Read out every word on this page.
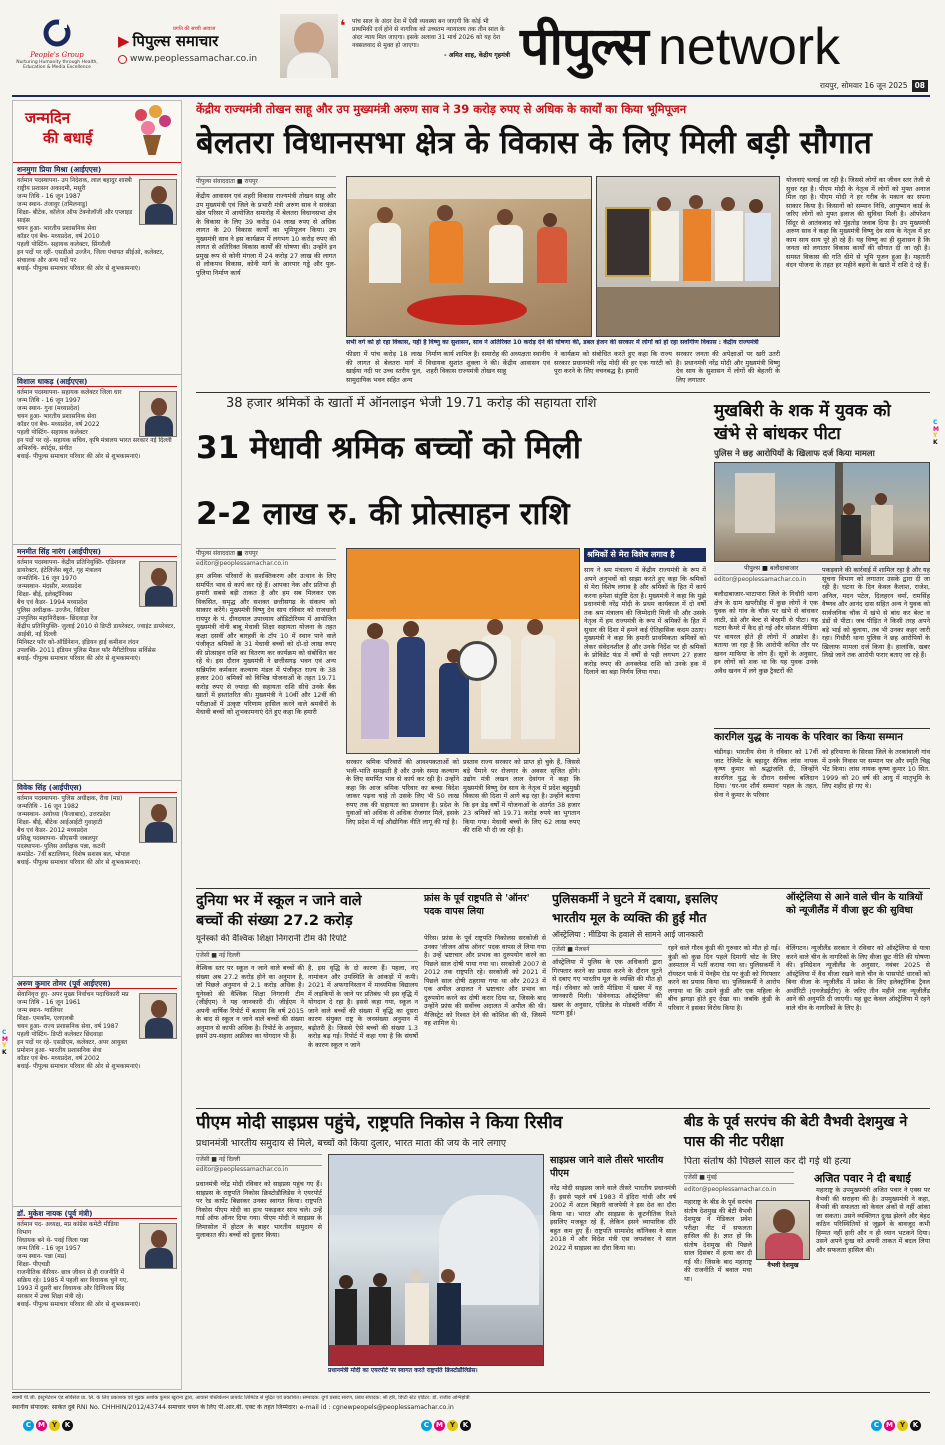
People's Group
Nurturing Humanity through Health, Education & Media Excellence
प्रगति की सच्ची आवाज
▶ पिपुल्स समाचार
www.peoplessamachar.co.in
❛	पांच साल के अंदर देश में ऐसी व्यवस्था बन जाएगी कि कोई भी प्राथमिकी दर्ज होने से नागरिक को उच्चतम न्यायालय तक तीन साल के अंदर न्याय मिल जाएगा। इसके अलावा 31 मार्च 2026 को यह देश नक्सलवाद से मुक्त हो जाएगा।
- अमित शाह, केंद्रीय गृहमंत्री पीपुल्स network
रायपुर, सोमवार 16 जून 2025 08
जन्मदिन
की बधाई
शनमुगा प्रिया मिश्रा (आईएएस)
वर्तमान पदस्थापना- उप निदेशक, लाल बहादुर शास्त्री राष्ट्रीय प्रशासन अकादमी, मसूरी
जन्म तिथि - 16 जून 1987
जन्म स्थान- तंजावुर (तमिलनाडु)
शिक्षा- बीटेक, कॉलेज ऑफ टेक्नोलॉजी और एप्लाइड साइंस
चयन हुआ- भारतीय प्रशासनिक सेवा
कॉडर एवं बैच- मध्यप्रदेश, वर्ष 2010
पहली पोस्टिंग- सहायक कलेक्टर, सिंगरौली
इन पदों पर रहीं- एसडीओ उज्जैन, जिला पंचायत सीईओ, कलेक्टर, संचालक और अन्य पदों पर
बधाई- पीपुल्स समाचार परिवार की ओर से शुभकामनाएं।
विशाल धाकड़ (आईएएस)
वर्तमान पदस्थापना- सहायक कलेक्टर जिला धार
जन्म तिथि - 16 जून 1997
जन्म स्थान- गुना (मध्यप्रदेश)
चयन हुआ- भारतीय प्रशासनिक सेवा
कॉडर एवं बैच- मध्यप्रदेश, वर्ष 2022
पहली पोस्टिंग- सहायक कलेक्टर
इन पदों पर रहे- सहायक सचिव, कृषि मंत्रालय भारत सरकार नई दिल्ली
अभिरुचि- स्पोर्ट्स, संगीत
बधाई- पीपुल्स समाचार परिवार की ओर से शुभकामनाएं।
मनमीत सिंह नारंग (आईपीएस)
वर्तमान पदस्थापना- केंद्रीय प्रतिनियुक्ति- एडिशनल डायरेक्टर, इंटेलिजेंस ब्यूरो, गृह मंत्रालय
जन्मतिथि- 16 जून 1970
जन्मस्थान- मंदसौर, मध्यप्रदेश
शिक्षा- बीई, इलेक्ट्रॉनिक्स
बैच एवं कैडर- 1994 मध्यप्रदेश
पुलिस अधीक्षक- उज्जैन, विदिशा
उपपुलिस महानिरीक्षक- छिंदवाड़ा रेंज
केंद्रीय प्रतिनियुक्ति- जुलाई 2010 से डिप्टी डायरेक्टर, ज्वाइंट डायरेक्टर, आईबी, नई दिल्ली
मिनिस्टर फॉर को-ऑर्डिनेशन, इंडियन हाई कमीशन लंदन
उपलब्धि- 2011 इंडियन पुलिस मैडल फॉर मैरीटोरियस सर्विसेस
बधाई- पीपुल्स समाचार परिवार की ओर से शुभकामनाएं।
विवेक सिंह (आईपीएस)
वर्तमान पदस्थापना- पुलिस अधीक्षक, रीवा (मप्र)
जन्मतिथि - 16 जून 1982
जन्मस्थान- अयोध्या (फैजाबाद), उत्तरप्रदेश
शिक्षा- बीई, बीटेक आईआईटी गुवाहाटी
बैच एवं कैडर- 2012 मध्यप्रदेश
प्रशिक्षु पदस्थापना- सीएसपी जबलपुर
पदस्थापना- पुलिस अधीक्षक पन्ना, कटनी
कमांडेंट- 7वीं बटालियन, विशेष सशस्त्र बल, भोपाल
बधाई- पीपुल्स समाचार परिवार की ओर से शुभकामनाएं।
अरुण कुमार तोमर (पूर्व आईएएस)
सेवानिवृत्त हुए- अपर मुख्य निर्वाचन पदाधिकारी मप्र
जन्म तिथि - 16 जून 1961
जन्म स्थान- ग्वालियर
शिक्षा- एमकॉम, एलएलबी
चयन हुआ- राज्य प्रशासनिक सेवा, वर्ष 1987
पहली पोस्टिंग- डिप्टी कलेक्टर छिंदवाड़ा
इन पदों पर रहे- एसडीएम, कलेक्टर, अपर आयुक्त
प्रमोशन हुआ- भारतीय प्रशासनिक सेवा
कॉडर एवं बैच- मध्यप्रदेश, वर्ष 2002
बधाई- पीपुल्स समाचार परिवार की ओर से शुभकामनाएं।
डॉ. मुकेश नायक (पूर्व मंत्री)
वर्तमान पद- अध्यक्ष, मप्र कांग्रेस कमेटी मीडिया विभाग
विधायक बने थे- पवई जिला पन्ना
जन्म तिथि - 16 जून 1957
जन्म स्थान- पन्ना (मप्र)
शिक्षा- पीएचडी
राजनीतिक कॅरियर- छात्र जीवन से ही राजनीति में सक्रिय रहे। 1985 में पहली बार विधायक चुने गए, 1993 में दूसरी बार विधायक और दिग्विजय सिंह सरकार में उच्च शिक्षा मंत्री रहे।
बधाई- पीपुल्स समाचार परिवार की ओर से शुभकामनाएं।
केंद्रीय राज्यमंत्री तोखन साहू और उप मुख्यमंत्री अरुण साव ने 39 करोड़ रुपए से अधिक के कार्यों का किया भूमिपूजन
बेलतरा विधानसभा क्षेत्र के विकास के लिए मिली बड़ी सौगात
पीपुल्स संवाददाता ■ रायपुर
केंद्रीय आवासन एवं शहरी विकास राज्यमंत्री तोखन साहू और उप मुख्यमंत्री एवं जिले के प्रभारी मंत्री अरुण साव ने सरकंडा खेल परिसर में आयोजित समारोह में बेलतरा विधानसभा क्षेत्र के विकास के लिए 39 करोड़ 04 लाख रुपए से अधिक लागत के 20 विकास कार्यों का भूमिपूजन किया। उप मुख्यमंत्री साव ने इस कार्यक्रम में लगभग 10 करोड़ रुपए की लागत से अतिरिक्त विकास कार्यों की घोषणा की। उन्होंने इन प्रमुख रूप से कोनी मंगला में 24 करोड़ 27 लाख की लागत से लोकपथ विकास, कोनी मार्ग के आरपार गड्ढे और पुल-पुलिया निर्माण कार्य
सभी वर्ग को हो रहा विकास, यही है विष्णु का सुशासन, साव ने अतिरिक्त 10 करोड़ देने की घोषणा की, डबल इंजन की सरकार में लोगों को हो रहा सर्वांगीण विकास : केंद्रीय राज्यमंत्री
फीडरा में पांच करोड़ 18 लाख की लागत से बेलतरा मार्ग में खाईया नदी पर उच्च स्तरीय पुल, सामुदायिक भवन सहित अन्य
निर्माण कार्य शामिल है। समारोह की अध्यक्षता स्थानीय विधायक सुशांत शुक्ला ने की। केंद्रीय आवासन एवं शहरी विकास राज्यमंत्री तोखन साहू
ने कार्यक्रम को संबोधित करते हुए कहा कि राज्य सरकार प्रधानमंत्री नरेंद्र मोदी की हर एक गारंटी को पूरा करने के लिए वचनबद्ध है। हमारी
सरकार जनता की अपेक्षाओं पर खरी उतरी है। प्रधानमंत्री नरेंद्र मोदी और मुख्यमंत्री विष्णु देव साय के सुशासन में लोगों की बेहतरी के लिए लगातार
योजनाएं चलाई जा रही है। जिससे लोगों का जीवन स्तर तेजी से सुधर रहा है। पीएम मोदी के नेतृत्व में लोगों को मुफ्त अनाज मिल रहा है। पीएम मोदी ने हर गरीब के मकान का सपना साकार किया है। किसानों को सम्मान निधि, आयुष्मान कार्ड के जरिए लोगों को मुफ्त इलाज की सुविधा मिली है। ऑपरेशन सिंदूर से आतंकवाद को मुंहतोड़ जवाब दिया है। उप मुख्यमंत्री अरुण साव ने कहा कि मुख्यमंत्री विष्णु देव साय के नेतृत्व में हर काम साय साय पूरे हो रहे हैं। यह विष्णु का ही सुशासन है कि जनता को लगातार विकास कार्यों की सौगात दी जा रही है। समस्त विकास की गति धीमे से भूमि पूजन हुआ है। महतारी वंदन योजना के तहत हर महीने बहनों के खाते में राशि दे रहे हैं।
38 हजार श्रमिकों के खातों में ऑनलाइन भेजी 19.71 करोड़ की सहायता राशि
31 मेधावी श्रमिक बच्चों को मिली
2-2 लाख रु. की प्रोत्साहन राशि
पीपुल्स संवाददाता ■ रायपुर
editor@peoplessamachar.co.in
हम अमिक परिवारों के सशक्तिकरण और उत्थान के लिए समर्पित भाव से कार्य कर रहे हैं। आपका नेक और प्रतिभा ही हमारी सबसे बड़ी ताकत है और हम सब मिलकर एक विकसित, समृद्ध और सशक्त छत्तीसगढ़ के संकल्प को साकार करेंगे। मुख्यमंत्री विष्णु देव साय रविवार को राजधानी रायपुर के पं. दीनदयाल उपाध्याय ऑडिटोरियम में आयोजित मुख्यमंत्री नोनी बाबू मेधावी शिक्षा सहायता योजना के तहत कक्षा दसवीं और बारहवीं के टॉप 10 में स्थान पाने वाले पंजीकृत श्रमिकों के 31 मेधावी बच्चों को दो-दो लाख रुपए की प्रोत्साहन राशि का वितरण कर कार्यक्रम को संबोधित कर रहे थे। इस दौरान मुख्यमंत्री ने छत्तीसगढ़ भवन एवं अन्य सन्निर्माण कर्मकार कल्याण मंडल में पंजीकृत राज्य के 38 हजार 200 श्रमिकों को विभिन्न योजनाओं के तहत 19.71 करोड़ रुपए से ज्यादा की सहायता राशि सीधे उनके बैंक खातों में हस्तांतरित की। मुख्यमंत्री ने 10वीं और 12वीं की परीक्षाओं में उत्कृष्ट परिणाम हासिल करने वाले श्रमवीरों के मेधावी बच्चों को शुभकामनाएं देते हुए कहा कि हमारी
सरकार श्रमिक परिवारों की आवश्यकताओं को भली-भांति समझती है और उनके समग्र कल्याण के लिए समर्पित भाव से कार्य कर रही है। उन्होंने कहा कि आज श्रमिक परिवार का बच्चा विदेश जाकर पढ़ना चाहे तो उसके लिए भी 50 लाख रुपए तक की सहायता का प्रावधान है। प्रदेश के युवाओं को अधिक से अधिक रोजगार मिले, इसके लिए प्रदेश में नई औद्योगिक नीति लागू की गई है।
प्रस्ताव राज्य सरकार को प्राप्त हो चुके हैं, जिससे बड़े पैमाने पर रोजगार के अवसर सृजित होंगे। उद्योग मंत्री लखन लाल देवांगन ने कहा कि मुख्यमंत्री विष्णु देव साय के नेतृत्व में प्रदेश बहुमुखी विकास की दिशा में आगे बढ़ रहा है। उन्होंने बताया कि इन डेढ़ वर्षों में योजनाओं के अंतर्गत 38 हजार 23 श्रमिकों को 19.71 करोड़ रुपये का भुगतान किया गया। मेधावी बच्चों के लिए 62 लाख रुपए की राशि भी दी जा रही है।
श्रमिकों से मेरा विशेष लगाव है
साय ने श्रम मंत्रालय में केंद्रीय राज्यमंत्री के रूप में अपने अनुभवों को साझा करते हुए कहा कि श्रमिकों से मेरा विशेष लगाव है और श्रमिकों के हित में कार्य करना हमेशा संतुष्टि देता है। मुख्यमंत्री ने कहा कि मुझे प्रधानमंत्री नरेंद्र मोदी के प्रथम कार्यकाल में दो वर्षों तक श्रम मंत्रालय की जिम्मेदारी मिली थी और उसके नेतृत्व में हम राज्यमंत्री के रूप में श्रमिकों के हित में सुधार की दिशा में हमने कई ऐतिहासिक कदम उठाए। मुख्यमंत्री ने कहा कि हमारी प्राथमिकता श्रमिकों को लेकर संवेदनशील है और उनके निर्देश पर ही श्रमिकों के प्रोविडेंट फंड में वर्षों से पड़ी लगभग 27 हजार करोड़ रुपए की अनक्लेम्ड राशि को उनके हक में दिलाने का बड़ा निर्णय लिया गया।
मुखबिरी के शक में युवक को खंभे से बांधकर पीटा
पुलिस ने छह आरोपियों के खिलाफ दर्ज किया मामला
पीपुल्स ■ बलौदाबाजार
editor@peoplessamachar.co.in
बलौदाबाजार-भाटापारा जिले के गिधौरी थाना क्षेत्र के ग्राम खपरीडीह में कुछ लोगों ने एक युवक को गांव के चौक पर खंभे से बांधकर लाठी, डंडे और बेल्ट से बेरहमी से पीटा। यह घटना कैमरे में कैद हो गई और सोशल मीडिया पर वायरल होते ही लोगों में आक्रोश है। बताया जा रहा है कि आरोपी कथित तौर पर खनन माफिया के लोग हैं। सूत्रों के अनुसार, इन लोगों को शक था कि यह युवक उनके अवैध खनन में लगे कुछ ट्रैक्टरों की
पकड़वाने की कार्रवाई में शामिल रहा है और यह सूचना विभाग को लगातार उसके द्वारा दी जा रही है। घटना के दिन केवल कैलाश, राजेश, अनिल, मदन पटेल, दिलहरन वर्मा, रामसिंह वैष्णव और आनंद दास सहित अन्य ने युवक को सार्वजनिक चौक में खंभे से बांध कर बेल्ट व डंडों से पीटा। जब पीड़ित ने किसी तरह अपने बड़े भाई को बुलाया, तब भी उनका कहर जारी रहा। गिधौरी थाना पुलिस ने छह आरोपियों के खिलाफ मामला दर्ज किया है। हालांकि, खबर लिखे जाने तक आरोपी फरार बताए जा रहे हैं।
कारगिल युद्ध के नायक के परिवार का किया सम्मान
चंडीगढ़। भारतीय सेना ने रविवार को 17वीं जाट रेजिमेंट के बहादुर सैनिक लांस नायक कृष्ण कुमार को श्रद्धांजलि दी, जिन्होंने कारगिल युद्ध के दौरान सर्वोच्च बलिदान दिया। 'घर-घर शौर्य सम्मान' पहल के तहत, सेना ने कुमार के परिवार
को हरियाणा के सिरसा जिले के तरकांवाली गांव में उनके निवास पर सम्मान पत्र और स्मृति चिह्न भेंट किया। लांस नायक कृष्ण कुमार 10 सित. 1999 को 20 वर्ष की आयु में मातृभूमि के लिए शहीद हो गए थे।
दुनिया भर में स्कूल न जाने वाले
बच्चों की संख्या 27.2 करोड़
यूनेस्को की वैश्विक शिक्षा निगरानी टीम की रिपोर्ट
एजेंसी ■ नई दिल्ली
वैश्विक स्तर पर स्कूल न जाने वाले बच्चों की संख्या अब 27.2 करोड़ होने का अनुमान है, जो पिछले अनुमान से 2.1 करोड़ अधिक है। यूनेस्को की वैश्विक शिक्षा निगरानी टीम (जीईएम) ने यह जानकारी दी। जीईएम ने अपनी वार्षिक रिपोर्ट में बताया कि वर्ष 2015 के बाद से स्कूल न जाने वाले बच्चों की संख्या अनुमान से काफी अधिक है। रिपोर्ट के अनुसार, इसमें उप-सहारा अफ्रीका का योगदान भी है।
है, इस वृद्धि के दो कारण हैं। पहला, नए नामांकन और उपस्थिति के आंकड़ों में कमी। 2021 में अफगानिस्तान में माध्यमिक विद्यालय में लड़कियों के जाने पर प्रतिबंध भी इस वृद्धि में योगदान दे रहा है। इससे कहा गया, स्कूल न जाने वाले बच्चों की संख्या में वृद्धि का दूसरा कारण संयुक्त राष्ट्र के जनसंख्या अनुमान में बढ़ोतरी है। जिससे ऐसे बच्चों की संख्या 1.3 करोड़ बढ़ गई। रिपोर्ट में कहा गया है कि संघर्षों के कारण स्कूल न जाने
फ्रांस के पूर्व राष्ट्रपति से 'ऑनर' पदक वापस लिया
पेरिस। फ्रांस के पूर्व राष्ट्रपति निकोलस सरकोजी से उनका 'लीजन ऑफ ऑनर' पदक वापस ले लिया गया है। उन्हें भ्रष्टाचार और प्रभाव का दुरुपयोग करने का पिछले साल दोषी पाया गया था। सरकोजी 2007 से 2012 तक राष्ट्रपति रहे। सरकोजी को 2021 में पिछले साल दोषी ठहराया गया था और 2023 में एक अपील अदालत ने भ्रष्टाचार और प्रभाव का दुरुपयोग करने का दोषी करार दिया था, जिसके बाद उन्होंने फ्रांस की सर्वोच्च अदालत में अपील की थी। मैजिस्ट्रेट को रिश्वत देने की कोशिश की थी, जिसमें वह शामिल थे।
पुलिसकर्मी ने घुटने में दबाया, इसलिए
भारतीय मूल के व्यक्ति की हुई मौत
ऑस्ट्रेलिया : मीडिया के हवाले से सामने आई जानकारी
एजेंसी ■ मेलबर्न
ऑस्ट्रेलिया में पुलिस के एक अधिकारी द्वारा गिरफ्तार करने का प्रयास करने के दौरान घुटने से दबाए गए भारतीय मूल के व्यक्ति की मौत हो गई। रविवार को जारी मीडिया में खबर में यह जानकारी मिली। 'सेवेननाऊ ऑस्ट्रेलिया' की खबर के अनुसार, एडिलेड के मोडबरी नर्सिंग में घटना हुई।
रहने वाले गौरव कुंडी की गुरुवार को मौत हो गई। कुंडी को कुछ दिन पहले दिमागी चोट के लिए अस्पताल में भर्ती कराया गया था। पुलिसकर्मी ने रॉयस्टन पार्क में पेनहैम रोड पर कुंडी को गिरफ्तार करने का प्रयास किया था। पुलिसकर्मी ने आरोप लगाया था कि उसने कुंडी और एक महिला के बीच झगड़ा होते हुए देखा था। जबकि कुंडी के परिवार ने इसका विरोध किया है।
ऑस्ट्रेलिया से आने वाले चीन के यात्रियों को न्यूजीलैंड में वीजा छूट की सुविधा
वेलिंगटन। न्यूजीलैंड सरकार ने रविवार को ऑस्ट्रेलिया से यात्रा करने वाले चीन के नागरिकों के लिए वीजा छूट नीति की घोषणा की। इमिग्रेशन न्यूजीलैंड के अनुसार, नवंबर 2025 से ऑस्ट्रेलिया में वैध वीजा रखने वाले चीन के पासपोर्ट धारकों को बिना वीजा के न्यूजीलैंड में प्रवेश के लिए इलेक्ट्रॉनिक ट्रैवल अथॉरिटी (एनजेडईटीए) के जरिए तीन महीने तक न्यूजीलैंड आने की अनुमति दी जाएगी। यह छूट केवल ऑस्ट्रेलिया में रहने वाले चीन के नागरिकों के लिए है।
पीएम मोदी साइप्रस पहुंचे, राष्ट्रपति निकोस ने किया रिसीव
प्रधानमंत्री भारतीय समुदाय से मिले, बच्चों को किया दुलार, भारत माता की जय के नारे लगाए
एजेंसी ■ नई दिल्ली
editor@peoplessamachar.co.in
प्रधानमंत्री नरेंद्र मोदी रविवार को साइप्रस पहुंच गए हैं। साइप्रस के राष्ट्रपति निकोस क्रिस्टोडौलिडेस ने एयरपोर्ट पर रेड कार्पेट बिछाकर उनका स्वागत किया। राष्ट्रपति निकोस पीएम मोदी का हाथ पकड़कर साथ चले। उन्हें गार्ड ऑफ ऑनर दिया गया। पीएम मोदी ने साइप्रस के लिमासोल में होटल के बाहर भारतीय समुदाय से मुलाकात की। बच्चों को दुलार किया।
प्रधानमंत्री मोदी का एयरपोर्ट पर स्वागत करते राष्ट्रपति क्रिस्टोडौलिडेस।
साइप्रस जाने वाले तीसरे भारतीय पीएम
नरेंद्र मोदी साइप्रस जाने वाले तीसरे भारतीय प्रधानमंत्री हैं। इससे पहले वर्ष 1983 में इंदिरा गांधी और वर्ष 2002 में अटल बिहारी वाजपेयी ने इस देश का दौरा किया था। भारत और साइप्रस के कूटनीतिक रिश्ते इसलिए मजबूत रहे हैं, लेकिन इसने व्यापारिक दौरे बहुत कम हुए हैं। राष्ट्रपति सामाशेद कॉनिक्स ने साल 2018 में और विदेश मंत्री एस जयशंकर ने साल 2022 में साइप्रस का दौरा किया था।
बीड के पूर्व सरपंच की बेटी वैभवी देशमुख ने पास की नीट परीक्षा
पिता संतोष की पिछले साल कर दी गई थी हत्या
एजेंसी ■ मुंबई	अजित पवार ने दी बधाई
editor@peoplessamachar.co.in
वैभवी देशमुख
महाराष्ट्र के बीड के पूर्व सरपंच संतोष देशमुख की बेटी वैभवी देशमुख ने मेडिकल प्रवेश परीक्षा नीट में सफलता हासिल की है। ज्ञात हो कि संतोष देशमुख की पिछले साल दिसंबर में हत्या कर दी गई थी। जिसके बाद महाराष्ट्र की राजनीति में बवाल मचा था।
महाराष्ट्र के उपमुख्यमंत्री अजित पवार ने एक्स पर वैभवी की सराहना की है। उपमुख्यमंत्री ने कहा, वैभवी की सफलता को केवल अंकों से नहीं आंका जा सकता। उसने व्यक्तिगत दुःख झेलने और बेहद कठिन परिस्थितियों से जूझने के बावजूद कभी हिम्मत नहीं हारी और न ही ध्यान भटकने दिया। उसने अपने दुःख को अपनी ताकत में बदल लिया और सफलता हासिल की।
C
M
Y
K
C
M
Y
K
स्वामी पी.जी. इंस्ट्रूमेंटेशन एंड सर्विसेज प्रा. लि. के लिए प्रकाशक एवं मुद्रक अशोक कुमार खुराना द्वारा, आवासं पब्लिकेशन प्रायवेट लिमिटेड से मुद्रित एवं प्रकाशित। सम्पादक: दुर्गा प्रसाद सारण, प्रबंध संपादक: श्री हरि, डिप्टी स्टेट एडिटर: डॉ. राजीव अग्निहोत्री
स्थानीय संपादक: साकेत दुबे RNI No. CHHHIN/2012/43744 समाचार चयन के लिए पी.आर.बी. एक्ट के तहत जिम्मेदार। e-mail id : cgnewpeopels@peoplessamachar.co.in
C M Y K	C M Y K	C M Y K
